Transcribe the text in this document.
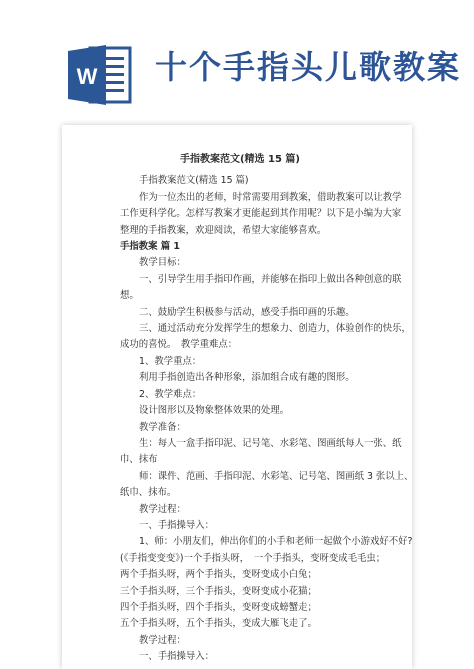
W 十个手指头儿歌教案

手指教案范文(精选 15 篇)

手指教案范文(精选 15 篇)

作为一位杰出的老师，时常需要用到教案，借助教案可以让教学

工作更科学化。怎样写教案才更能起到其作用呢？以下是小编为大家

整理的手指教案，欢迎阅读，希望大家能够喜欢。

手指教案 篇 1

教学目标：

一、引导学生用手指印作画，并能够在指印上做出各种创意的联

想。

二、鼓励学生积极参与活动，感受手指印画的乐趣。

三、通过活动充分发挥学生的想象力、创造力，体验创作的快乐，

成功的喜悦。　教学重难点：

1、教学重点：

利用手指创造出各种形象，添加组合成有趣的图形。

2、教学难点：

设计图形以及物象整体效果的处理。

教学准备：

生：每人一盒手指印泥、记号笔、水彩笔、图画纸每人一张、纸

巾、抹布

师：课件、范画、手指印泥、水彩笔、记号笔、图画纸 3 张以上、

纸巾、抹布。

教学过程：

一、手指操导入：

1、师：小朋友们，伸出你们的小手和老师一起做个小游戏好不好?

(《手指变变变》)一个手指头呀，　一个手指头，变呀变成毛毛虫；

两个手指头呀，两个手指头，变呀变成小白兔；

三个手指头呀，三个手指头，变呀变成小花猫；

四个手指头呀，四个手指头，变呀变成螃蟹走；

五个手指头呀，五个手指头，变成大雁飞走了。

教学过程：

一、手指操导入：
